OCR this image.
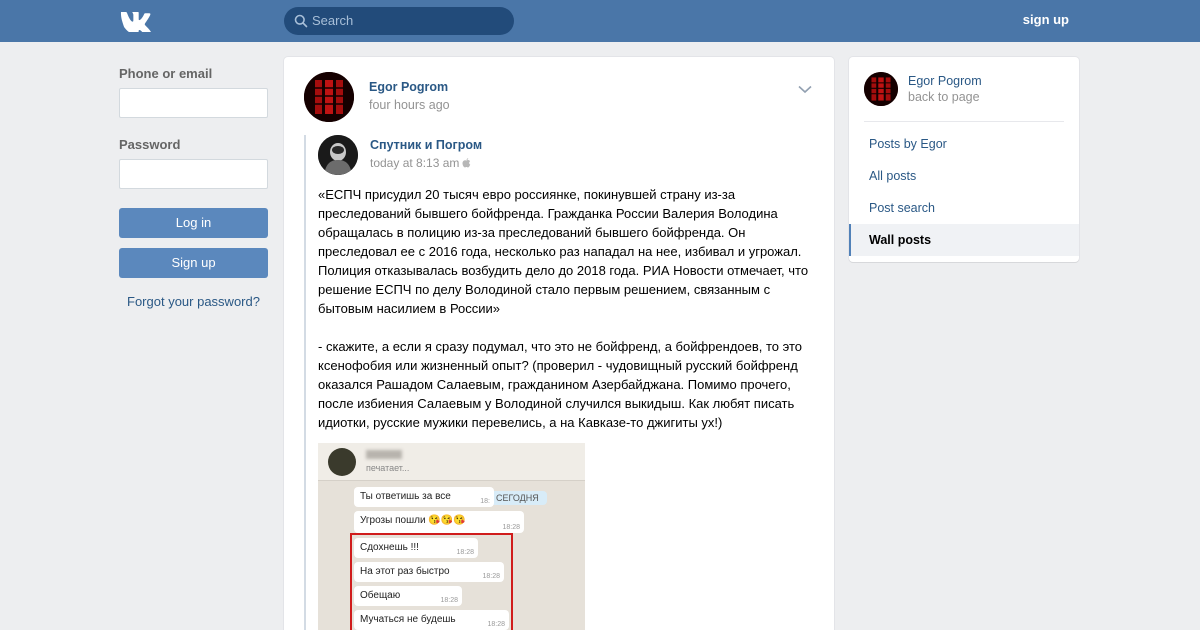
Search	sign up
Phone or email
Password
Log in
Sign up
Forgot your password?
Egor Pogrom
four hours ago
Спутник и Погром
today at 8:13 am
«ЕСПЧ присудил 20 тысяч евро россиянке, покинувшей страну из-за
преследований бывшего бойфренда. Гражданка России Валерия Володина
обращалась в полицию из-за преследований бывшего бойфренда. Он
преследовал ее с 2016 года, несколько раз нападал на нее, избивал и угрожал.
Полиция отказывалась возбудить дело до 2018 года. РИА Новости отмечает, что
решение ЕСПЧ по делу Володиной стало первым решением, связанным с
бытовым насилием в России»

- скажите, а если я сразу подумал, что это не бойфренд, а бойфрендоев, то это
ксенофобия или жизненный опыт? (проверил - чудовищный русский бойфренд
оказался Рашадом Салаевым, гражданином Азербайджана. Помимо прочего,
после избиения Салаевым у Володиной случился выкидыш. Как любят писать
идиотки, русские мужики перевелись, а на Кавказе-то джигиты ух!)
печатает...
СЕГОДНЯ
Ты ответишь за все	18:
Угрозы пошли 😘😘😘
18:28
Сдохнешь !!!	18:28
На этот раз быстро	18:28
Обещаю	18:28
Мучаться не будешь	18:28
Egor Pogrom
back to page
Posts by Egor
All posts
Post search
Wall posts
